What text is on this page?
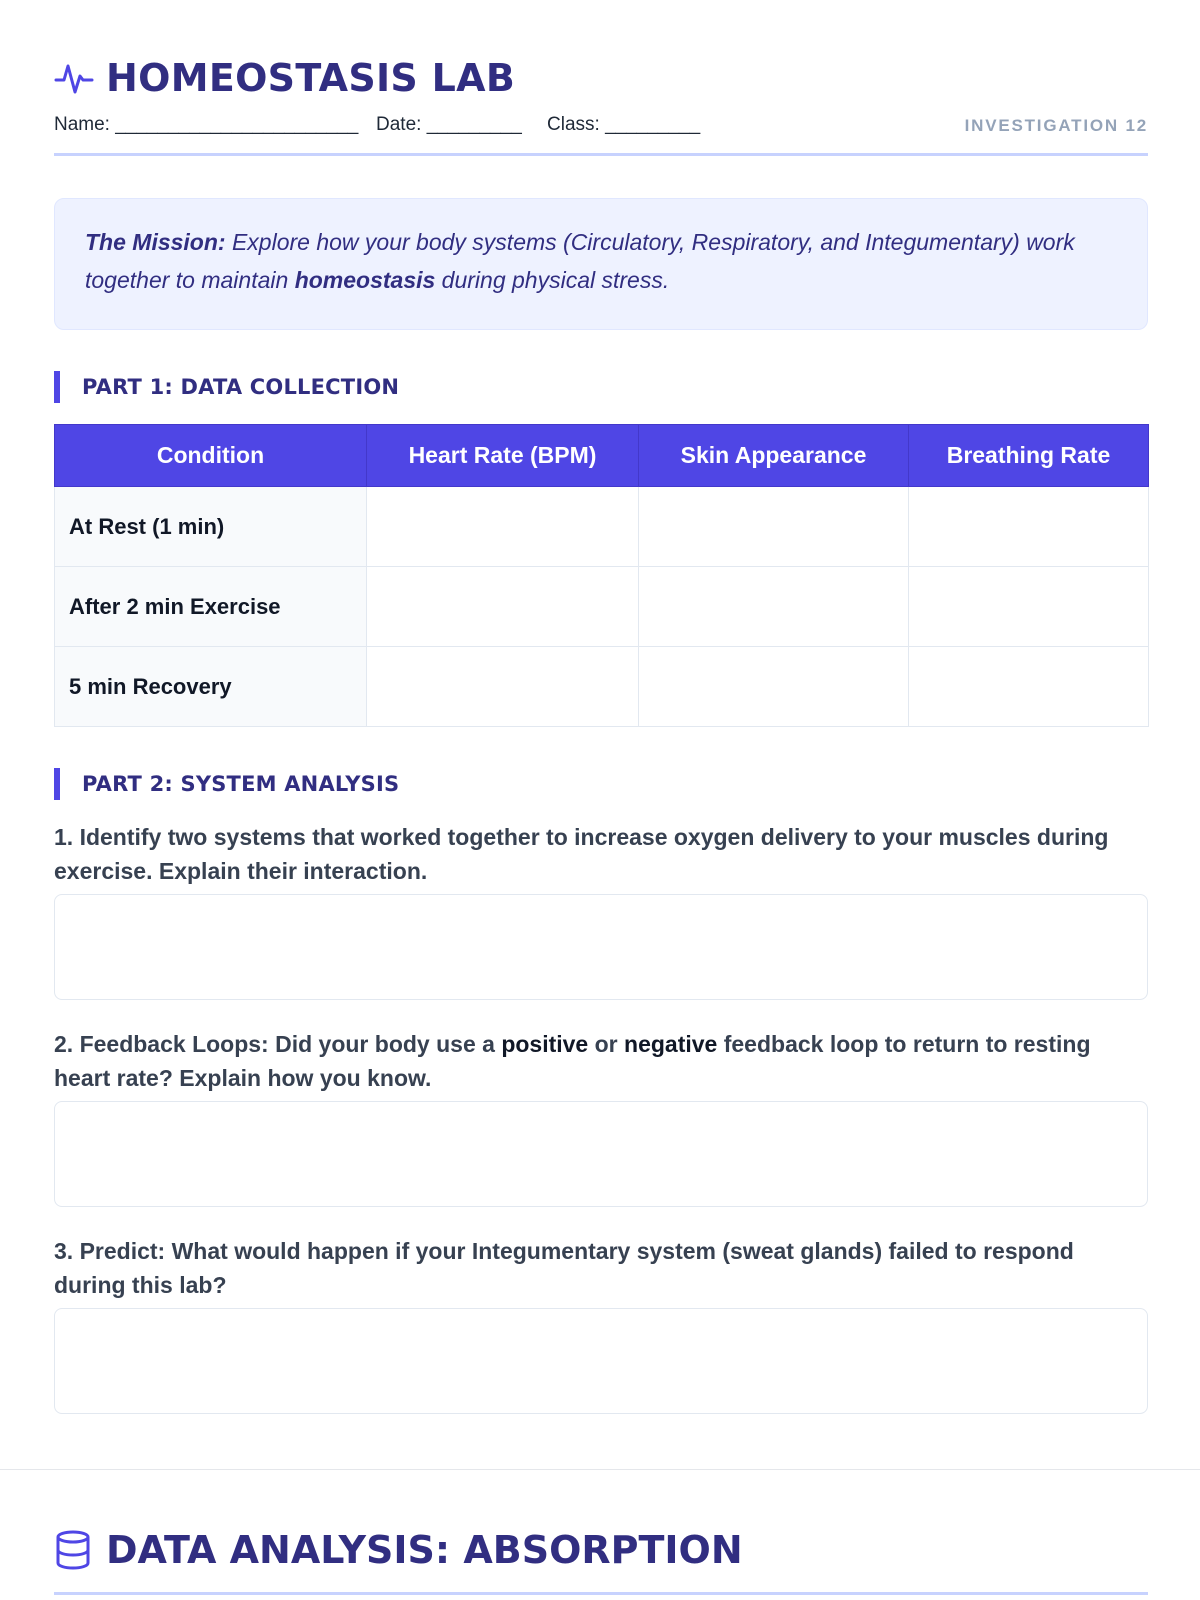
HOMEOSTASIS LAB
Name: _______________________ Date: _________ Class: _________	INVESTIGATION 12
The Mission: Explore how your body systems (Circulatory, Respiratory, and Integumentary) work together to maintain homeostasis during physical stress.
PART 1: DATA COLLECTION
Condition	Heart Rate (BPM)	Skin Appearance	Breathing Rate
At Rest (1 min)			
After 2 min Exercise			
5 min Recovery			
PART 2: SYSTEM ANALYSIS

1. Identify two systems that worked together to increase oxygen delivery to your muscles during exercise. Explain their interaction.

2. Feedback Loops: Did your body use a positive or negative feedback loop to return to resting heart rate? Explain how you know.

3. Predict: What would happen if your Integumentary system (sweat glands) failed to respond during this lab?

DATA ANALYSIS: ABSORPTION
